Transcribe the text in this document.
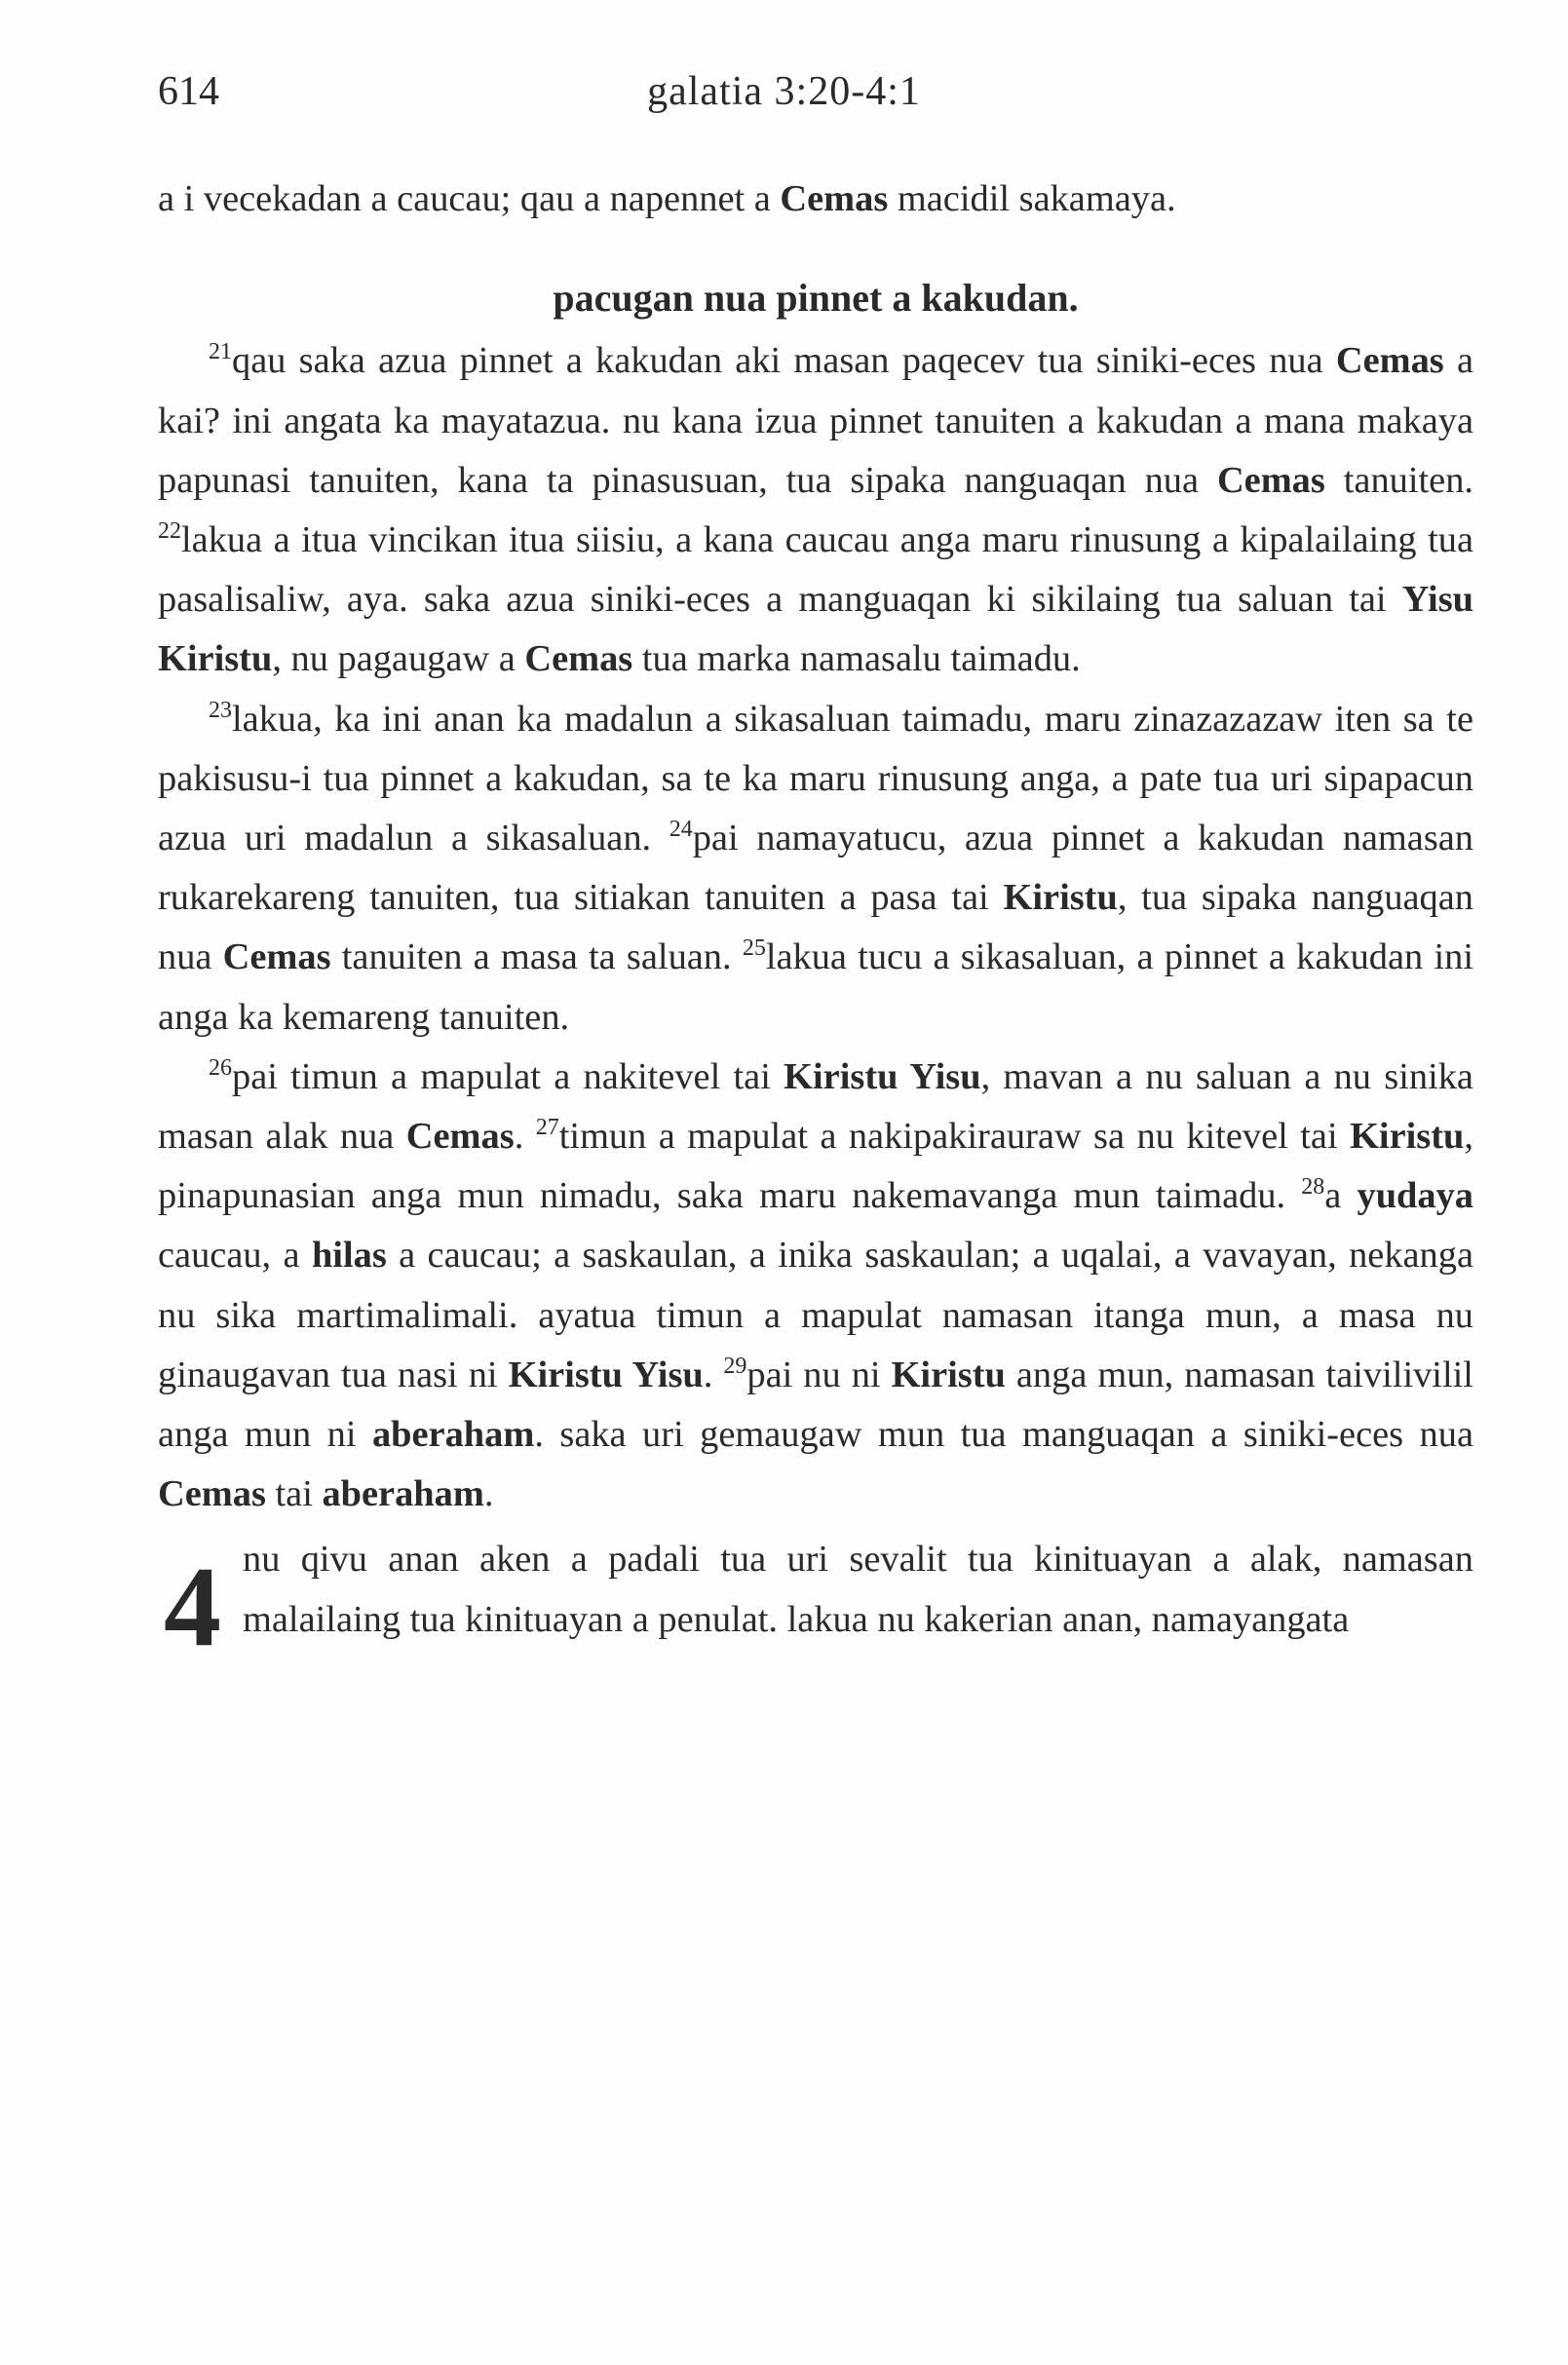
614	galatia 3:20-4:1

a i vecekadan a caucau; qau a napennet a Cemas macidil sakamaya.

pacugan nua pinnet a kakudan.

$^{21}$qau saka azua pinnet a kakudan aki masan paqecev tua siniki-eces nua Cemas a kai? ini angata ka mayatazua. nu kana izua pinnet tanuiten a kakudan a mana makaya papunasi tanuiten, kana ta pinasusuan, tua sipaka nanguaqan nua Cemas tanuiten. $^{22}$lakua a itua vincikan itua siisiu, a kana caucau anga maru rinusung a kipalailaing tua pasalisaliw, aya. saka azua siniki-eces a manguaqan ki sikilaing tua saluan tai Yisu Kiristu, nu pagaugaw a Cemas tua marka namasalu taimadu.

$^{23}$lakua, ka ini anan ka madalun a sikasaluan taimadu, maru zinazazazaw iten sa te pakisusu-i tua pinnet a kakudan, sa te ka maru rinusung anga, a pate tua uri sipapacun azua uri madalun a sikasaluan. $^{24}$pai namayatucu, azua pinnet a kakudan namasan rukarekareng tanuiten, tua sitiakan tanuiten a pasa tai Kiristu, tua sipaka nanguaqan nua Cemas tanuiten a masa ta saluan. $^{25}$lakua tucu a sikasaluan, a pinnet a kakudan ini anga ka kemareng tanuiten.

$^{26}$pai timun a mapulat a nakitevel tai Kiristu Yisu, mavan a nu saluan a nu sinika masan alak nua Cemas. $^{27}$timun a mapulat a nakipakirauraw sa nu kitevel tai Kiristu, pinapunasian anga mun nimadu, saka maru nakemavanga mun taimadu. $^{28}$a yudaya caucau, a hilas a caucau; a saskaulan, a inika saskaulan; a uqalai, a vavayan, nekanga nu sika martimalimali. ayatua timun a mapulat namasan itanga mun, a masa nu ginaugavan tua nasi ni Kiristu Yisu. $^{29}$pai nu ni Kiristu anga mun, namasan taivilivilil anga mun ni aberaham. saka uri gemaugaw mun tua manguaqan a siniki-eces nua Cemas tai aberaham.

4 nu qivu anan aken a padali tua uri sevalit tua kinituayan a alak, namasan malailaing tua kinituayan a penulat. lakua nu kakerian anan, namayangata
